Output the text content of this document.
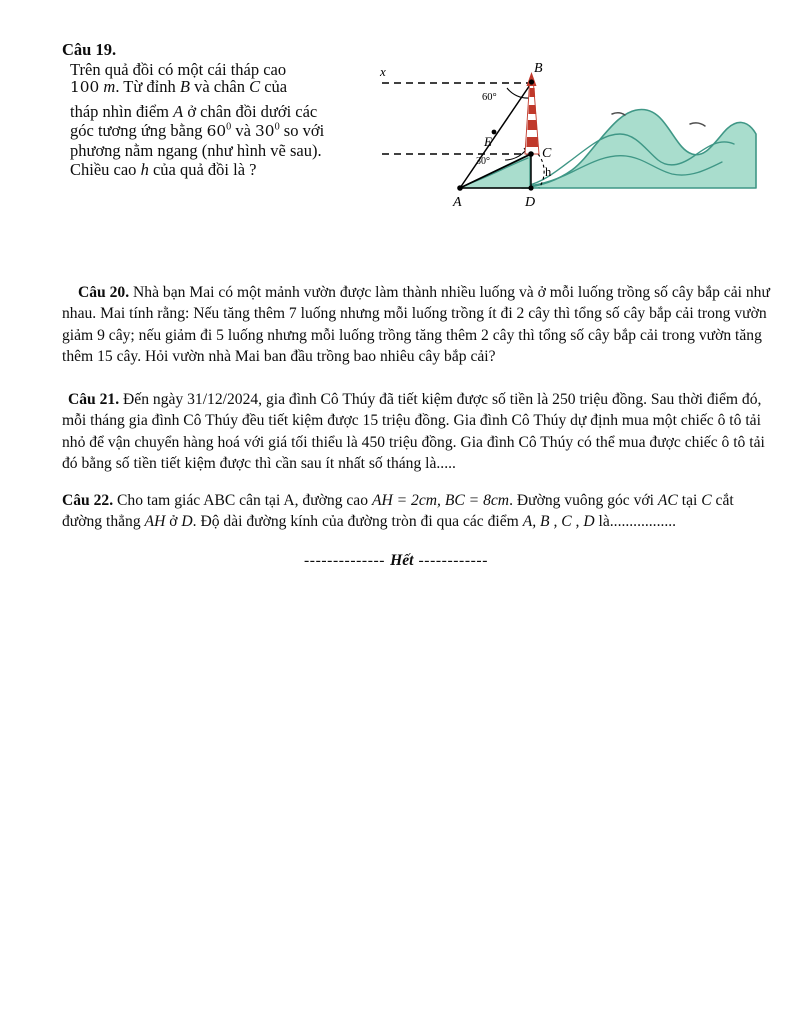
Câu 19.
Trên quả đồi có một cái tháp cao
100 m. Từ đỉnh B và chân C của
tháp nhìn điểm A ở chân đồi dưới các
góc tương ứng bằng $60^0$ và $30^0$ so với
phương nằm ngang (như hình vẽ sau).
Chiều cao h của quả đồi là ?
x	B
C
E
A	D
h
60°
30°

Câu 20. Nhà bạn Mai có một mảnh vườn được làm thành nhiều luống và ở mỗi luống trồng số cây bắp cải như nhau. Mai tính rằng: Nếu tăng thêm 7 luống nhưng mỗi luống trồng ít đi 2 cây thì tổng số cây bắp cải trong vườn giảm 9 cây; nếu giảm đi 5 luống nhưng mỗi luống trồng tăng thêm 2 cây thì tổng số cây bắp cải trong vườn tăng thêm 15 cây. Hỏi vườn nhà Mai ban đầu trồng bao nhiêu cây bắp cải?

Câu 21. Đến ngày 31/12/2024, gia đình Cô Thúy đã tiết kiệm được số tiền là 250 triệu đồng. Sau thời điểm đó, mỗi tháng gia đình Cô Thúy đều tiết kiệm được 15 triệu đồng. Gia đình Cô Thúy dự định mua một chiếc ô tô tải nhỏ để vận chuyển hàng hoá với giá tối thiểu là 450 triệu đồng. Gia đình Cô Thúy có thể mua được chiếc ô tô tải đó bằng số tiền tiết kiệm được thì cần sau ít nhất số tháng là.....

Câu 22. Cho tam giác ABC cân tại A, đường cao AH = 2cm, BC = 8cm. Đường vuông góc với AC tại C cắt đường thẳng AH ở D. Độ dài đường kính của đường tròn đi qua các điểm A, B , C , D là.................

-------------- Hết ------------
